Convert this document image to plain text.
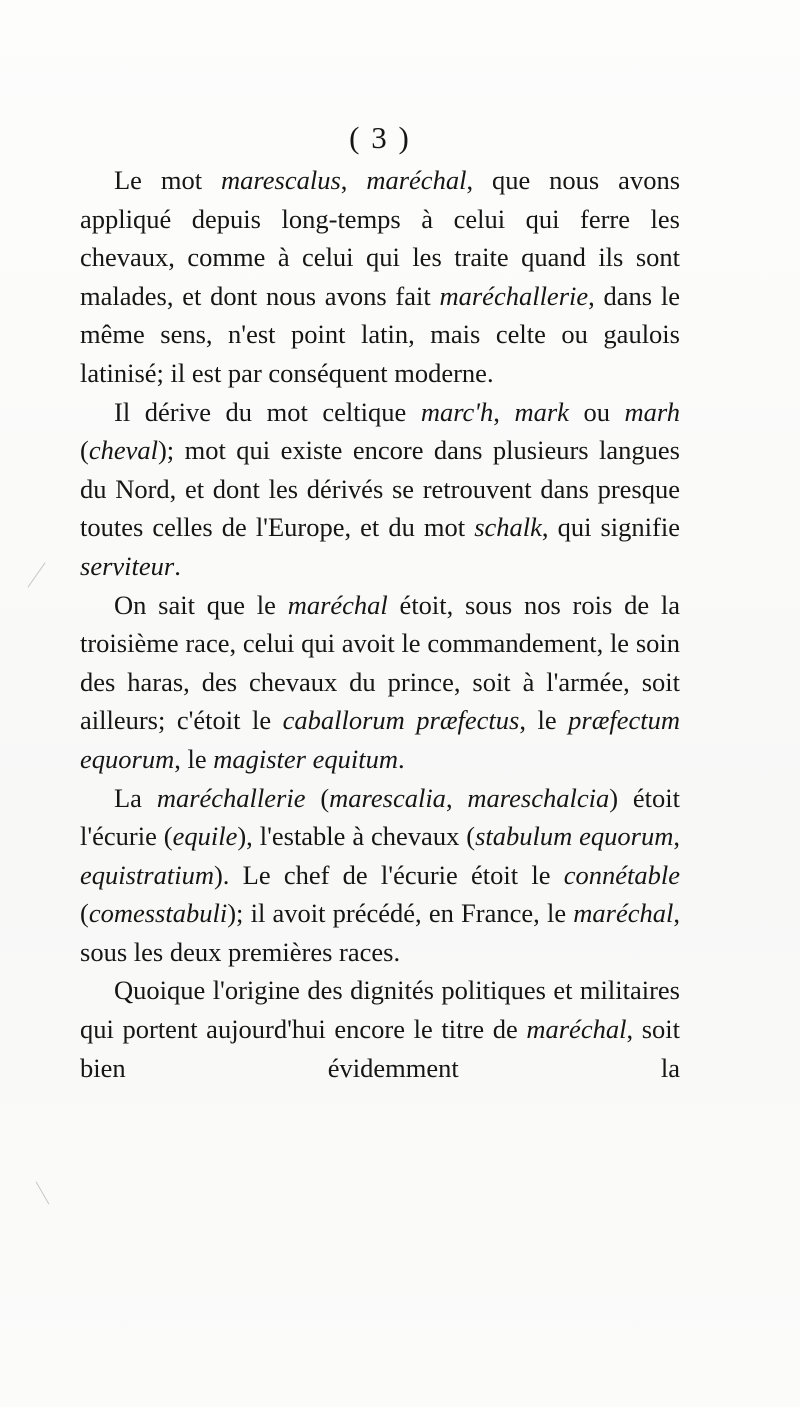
( 3 )

Le mot marescalus, maréchal, que nous avons appliqué depuis long-temps à celui qui ferre les chevaux, comme à celui qui les traite quand ils sont malades, et dont nous avons fait maréchallerie, dans le même sens, n'est point latin, mais celte ou gaulois latinisé; il est par conséquent moderne.

Il dérive du mot celtique marc'h, mark ou marh (cheval); mot qui existe encore dans plusieurs langues du Nord, et dont les dérivés se retrouvent dans presque toutes celles de l'Europe, et du mot schalk, qui signifie serviteur.

On sait que le maréchal étoit, sous nos rois de la troisième race, celui qui avoit le commandement, le soin des haras, des chevaux du prince, soit à l'armée, soit ailleurs; c'étoit le caballorum præfectus, le præfectum equorum, le magister equitum.

La maréchallerie (marescalia, mareschalcia) étoit l'écurie (equile), l'estable à chevaux (stabulum equorum, equistratium). Le chef de l'écurie étoit le connétable (comesstabuli); il avoit précédé, en France, le maréchal, sous les deux premières races.

Quoique l'origine des dignités politiques et militaires qui portent aujourd'hui encore le titre de maréchal, soit bien évidemment la
